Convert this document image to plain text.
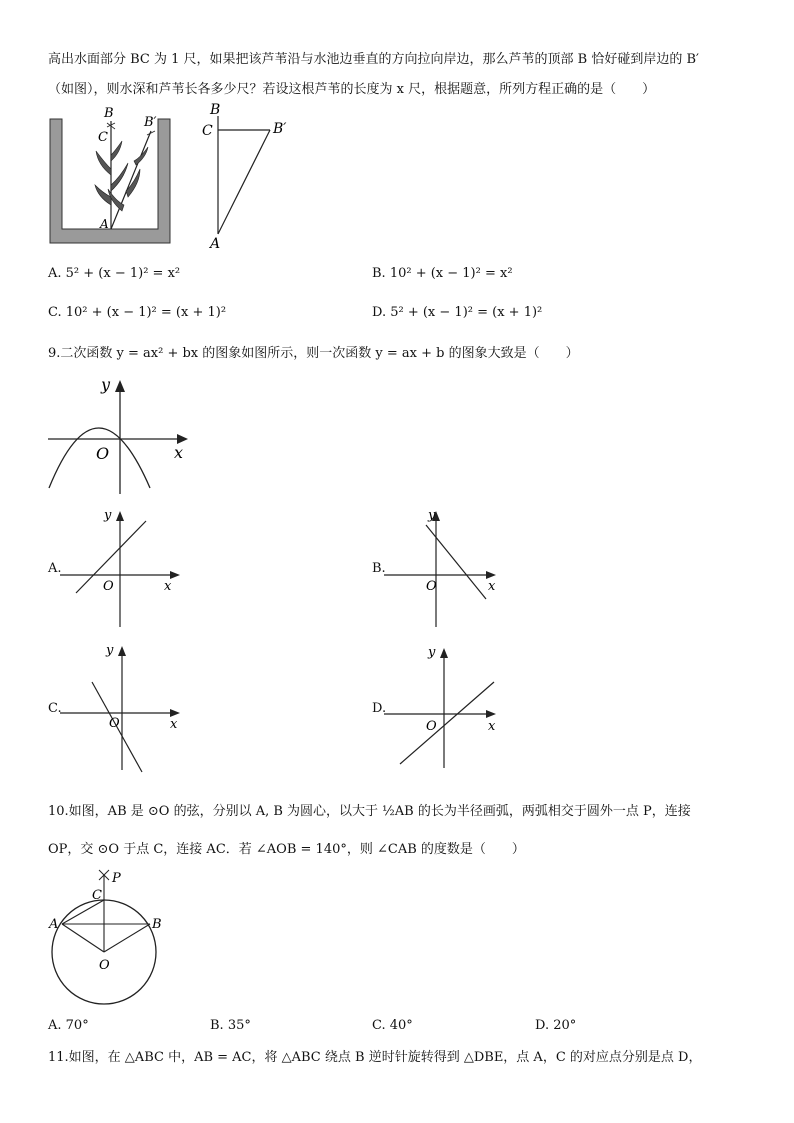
高出水面部分 BC 为 1 尺，如果把该芦苇沿与水池边垂直的方向拉向岸边，那么芦苇的顶部 B 恰好碰到岸边的 B′
（如图），则水深和芦苇长各多少尺？若设这根芦苇的长度为 x 尺，根据题意，所列方程正确的是（　　）
B
C
B′
A
B
C	B′
A
A. 5² + (x − 1)² = x²	B. 10² + (x − 1)² = x²
C. 10² + (x − 1)² = (x + 1)²	D. 5² + (x − 1)² = (x + 1)²
9.二次函数 y = ax² + bx 的图象如图所示，则一次函数 y = ax + b 的图象大致是（　　）
y
O	x
A.
y
O	x
B.
y
O	x
C.
y
O	x
D.
y
O	x
10.如图，AB 是 ⊙O 的弦，分别以 A, B 为圆心，以大于 ½AB 的长为半径画弧，两弧相交于圆外一点 P，连接
OP，交 ⊙O 于点 C，连接 AC．若 ∠AOB = 140°，则 ∠CAB 的度数是（　　）
P
C
A	B
O
A. 70°	B. 35°	C. 40°	D. 20°
11.如图，在 △ABC 中，AB = AC，将 △ABC 绕点 B 逆时针旋转得到 △DBE，点 A，C 的对应点分别是点 D，
